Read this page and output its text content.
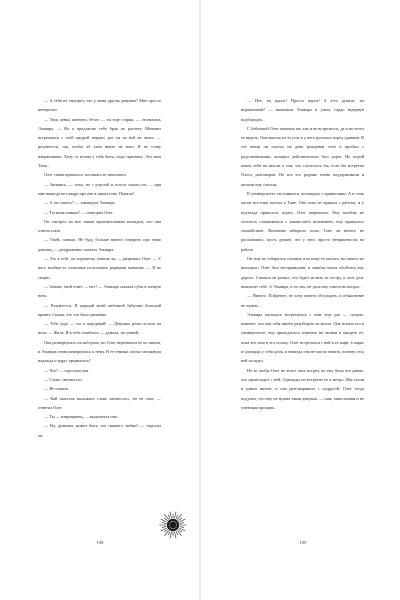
— А тебя не смущает, что у меня другая девушка? Мне просто интересно.

— Твоя девка, конечно, бесит — ты еще старик, — отозвалась Эльвира. — Но я предлагаю тебе брак по расчету. Мешают встречаться с этой щедрой тварью, раз ты на ней не запал, — разумеется, так, чтобы об этом никто не знал. Я не стану напрашивать. Хочу со всеми у тебя быть, надо признать. Эта твоя Таня…

Олег снова пришлось заставить ее замолчать.

— Заткнись, — тихо, но с угрозой в голосе сказал он, — при мне никогда не говори про нее в таком тоне. Поняла?

— А что такого? — хмыкнула Эльвира.

— Ты меня поняла? — повторил Олег.

Он смотрел на нее таким пронзительным взглядом, что она отвела глаза.

— Окей, поняла. Не буду больше ничего говорить про твою девочку, — раздраженно сказала Эльвира.

— Это я тебе, по-хорошему, знаешь ли, — разрешил Олег. — У него вообще-то отличные получались родными монахам. — Я не спорю.

— Значит, твой ответ — нет? — Эльвира сказала губы в тонкую нить.

— Разумеется. Я передай моей любимой бабушке большой привет. Скажи, что это было решение.

— Тебе худо — ты и передавай! — Девушка резко встала на ноги. — Жаль. Я в тебе ошиблась — думала, ты умный.

Она развернулась на каблуках, но Олег перехватил ее по имени, и Эльвира снова повернулась к нему. В ее темных глазах мелькнула надежда и вдруг прорвалась?

— Что? — спросила она.

— Слово «вечность».

— Не поняла.

— Кай пытался выложить слово «вечность», но не смог, — ответил Олег.

— Ты — извращенец, — выдохнула она.

— Ну, душечка, может быть, это спящего любви? — спросил он.

158

— Нет, ты идиот! Просто идиот! А я-то думала, ты нормальный! — выпалила Эльвира и ушла, гордо вздернув подбородок.

С бабушкой Олег, конечно же, так и не встретился, да и не хотел ее видеть. Она вышла из-за угла и у него ругалась перед зданием. В тот вечер он поехал на день рождения тети и пробыл с родственниками, которых действительно был дорог. Но порой конец тебя на мысли о том, что случилось бы, если бы встретил Олега, разговоров. Но все его родные очень поддерживали и желали ему счастья.

В университете он появился, поговорил с приятелями. А в семь часов все-таки поехал к Тане. Она пока не пришла с работы, и у подъезда пришлось ждать. Олег нервничал. Ему вообще не хотелось сталкиваться с каким-либо волнением, ему нравилось спокойствие. Волнение забирало силы. Тане он ничего не рассказывал, пусть думает, что у него просто неприятности на работе.

Он еще не собирался спешить или кому-то мстить, но ничего не выходило. Олег был несправедлив, и ошибка могла обойтись ему дорого. Сначала он решил, что будет мстить за сестру, и этот долг выплатит себе. А Эльвира, в гостях, не дала ему ответа на вопрос.

— Ничего. Пойдемте, не хочу ничего обсуждать, и объяснение не нужно…

Эльвира пыталась встретиться с ним еще раз — поздно, конечно, что она себя ничем разубедить не могла. Она искала его в университете, ему приходилось отвечать на звонки и увидеть ее, пока все шло в его пользу. Олег встречался с ней в ее кафе, в парке и однажды у себя дома, и никогда она не могла понять, почему он к ней охладел.

Не то чтобы Олег не хотел этих встреч, но ему было все равно, что происходит с ней. Однажды он встретил ее в метро. Мы ехали в одном вагоне, и она разговаривала с подругой. Олег тогда подумал, что ему не нужна такая девушка — злая, завистливая и не умеющая прощать.

159
